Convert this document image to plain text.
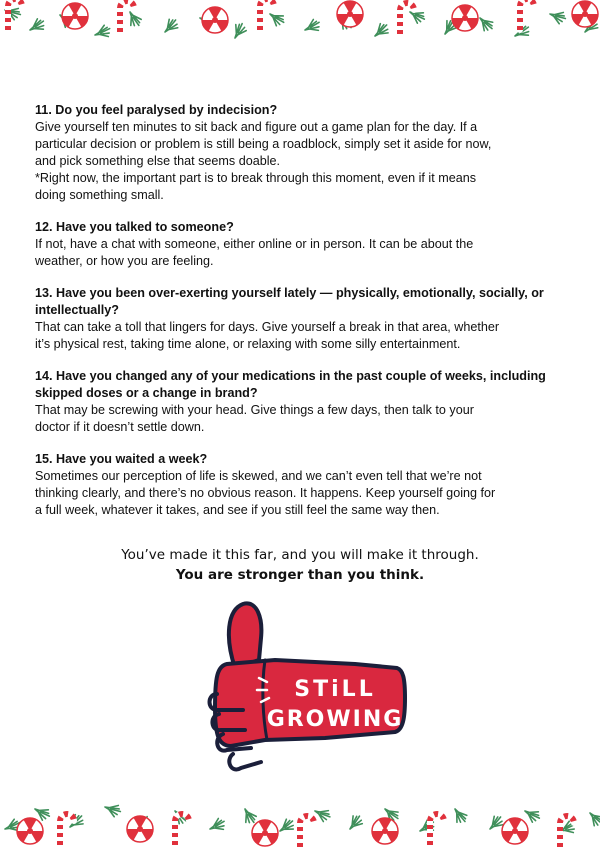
11. Do you feel paralysed by indecision?
Give yourself ten minutes to sit back and figure out a game plan for the day. If a
particular decision or problem is still being a roadblock, simply set it aside for now,
and pick something else that seems doable.
*Right now, the important part is to break through this moment, even if it means
doing something small.
12. Have you talked to someone?
If not, have a chat with someone, either online or in person. It can be about the
weather, or how you are feeling.
13. Have you been over-exerting yourself lately — physically, emotionally, socially, or intellectually?
That can take a toll that lingers for days. Give yourself a break in that area, whether
it’s physical rest, taking time alone, or relaxing with some silly entertainment.
14. Have you changed any of your medications in the past couple of weeks, including skipped doses or a change in brand?
That may be screwing with your head. Give things a few days, then talk to your
doctor if it doesn’t settle down.
15. Have you waited a week?
Sometimes our perception of life is skewed, and we can’t even tell that we’re not
thinking clearly, and there’s no obvious reason. It happens. Keep yourself going for
a full week, whatever it takes, and see if you still feel the same way then.
You’ve made it this far, and you will make it through.
You are stronger than you think.
STiLL
GROWING
